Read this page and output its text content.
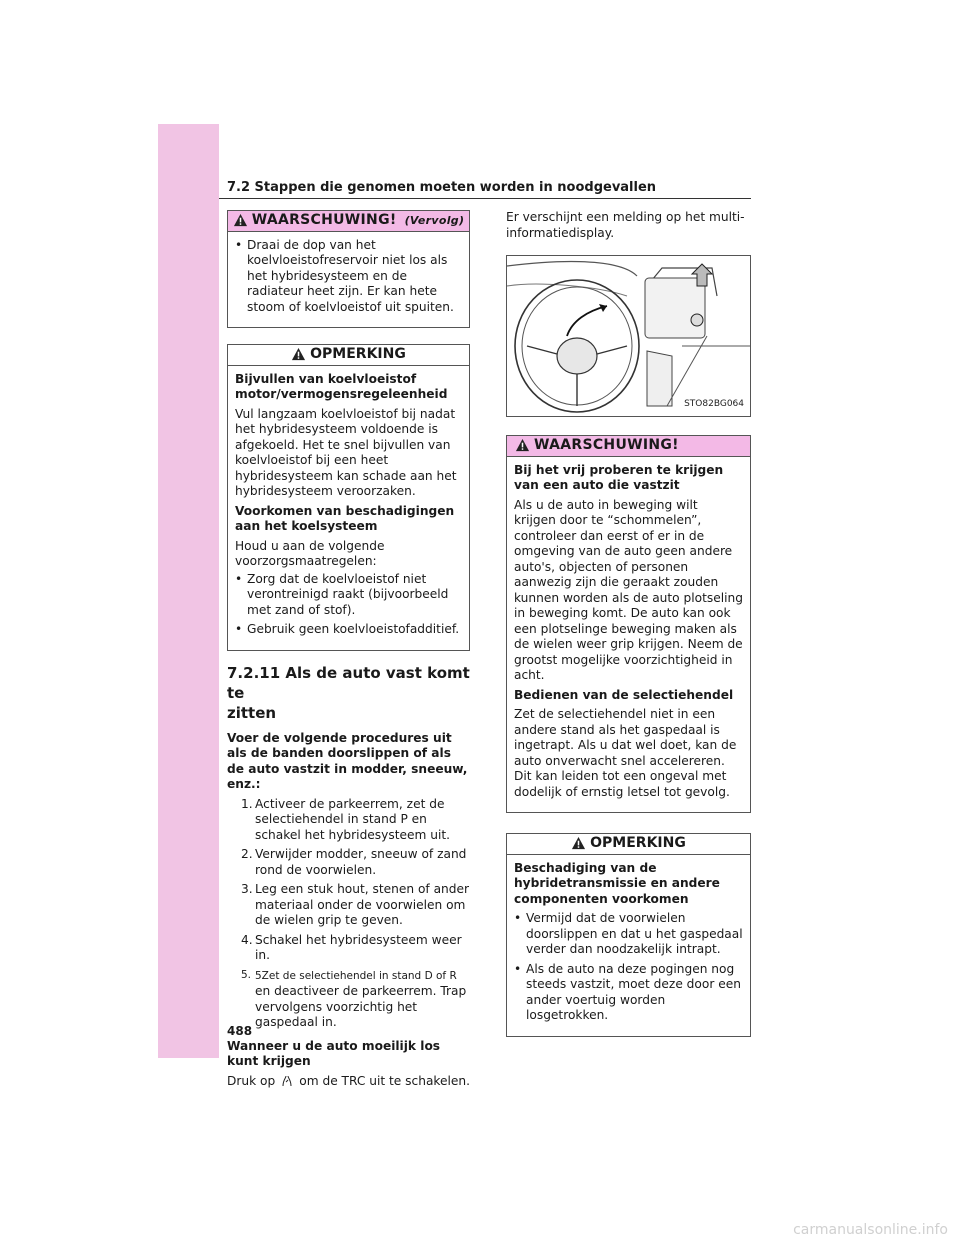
7.2 Stappen die genomen moeten worden in noodgevallen
WAARSCHUWING! (Vervolg)
• Draai de dop van het koelvloeistofreservoir niet los als het hybridesysteem en de radiateur heet zijn. Er kan hete stoom of koelvloeistof uit spuiten.
OPMERKING

Bijvullen van koelvloeistof motor/vermogensregeleenheid

Vul langzaam koelvloeistof bij nadat het hybridesysteem voldoende is afgekoeld. Het te snel bijvullen van koelvloeistof bij een heet hybridesysteem kan schade aan het hybridesysteem veroorzaken.

Voorkomen van beschadigingen aan het koelsysteem

Houd u aan de volgende voorzorgsmaatregelen:

• Zorg dat de koelvloeistof niet verontreinigd raakt (bijvoorbeeld met zand of stof).
• Gebruik geen koelvloeistofadditief.
7.2.11 Als de auto vast komt te
zitten

Voer de volgende procedures uit als de banden doorslippen of als de auto vastzit in modder, sneeuw, enz.:

1. Activeer de parkeerrem, zet de selectiehendel in stand P en schakel het hybridesysteem uit.
2. Verwijder modder, sneeuw of zand rond de voorwielen.
3. Leg een stuk hout, stenen of ander materiaal onder de voorwielen om de wielen grip te geven.
4. Schakel het hybridesysteem weer in.
5. 5Zet de selectiehendel in stand D of R
en deactiveer de parkeerrem. Trap vervolgens voorzichtig het gaspedaal in.

Wanneer u de auto moeilijk los kunt krijgen

Druk op om de TRC uit te schakelen.

Er verschijnt een melding op het multi-informatiedisplay.

STO82BG064
WAARSCHUWING!

Bij het vrij proberen te krijgen van een auto die vastzit

Als u de auto in beweging wilt krijgen door te “schommelen”, controleer dan eerst of er in de omgeving van de auto geen andere auto's, objecten of personen aanwezig zijn die geraakt zouden kunnen worden als de auto plotseling in beweging komt. De auto kan ook een plotselinge beweging maken als de wielen weer grip krijgen. Neem de grootst mogelijke voorzichtigheid in acht.

Bedienen van de selectiehendel

Zet de selectiehendel niet in een andere stand als het gaspedaal is ingetrapt. Als u dat wel doet, kan de auto onverwacht snel accelereren. Dit kan leiden tot een ongeval met dodelijk of ernstig letsel tot gevolg.

OPMERKING

Beschadiging van de hybridetransmissie en andere componenten voorkomen

• Vermijd dat de voorwielen doorslippen en dat u het gaspedaal verder dan noodzakelijk intrapt.
• Als de auto na deze pogingen nog steeds vastzit, moet deze door een ander voertuig worden losgetrokken.
488
carmanualsonline.info
